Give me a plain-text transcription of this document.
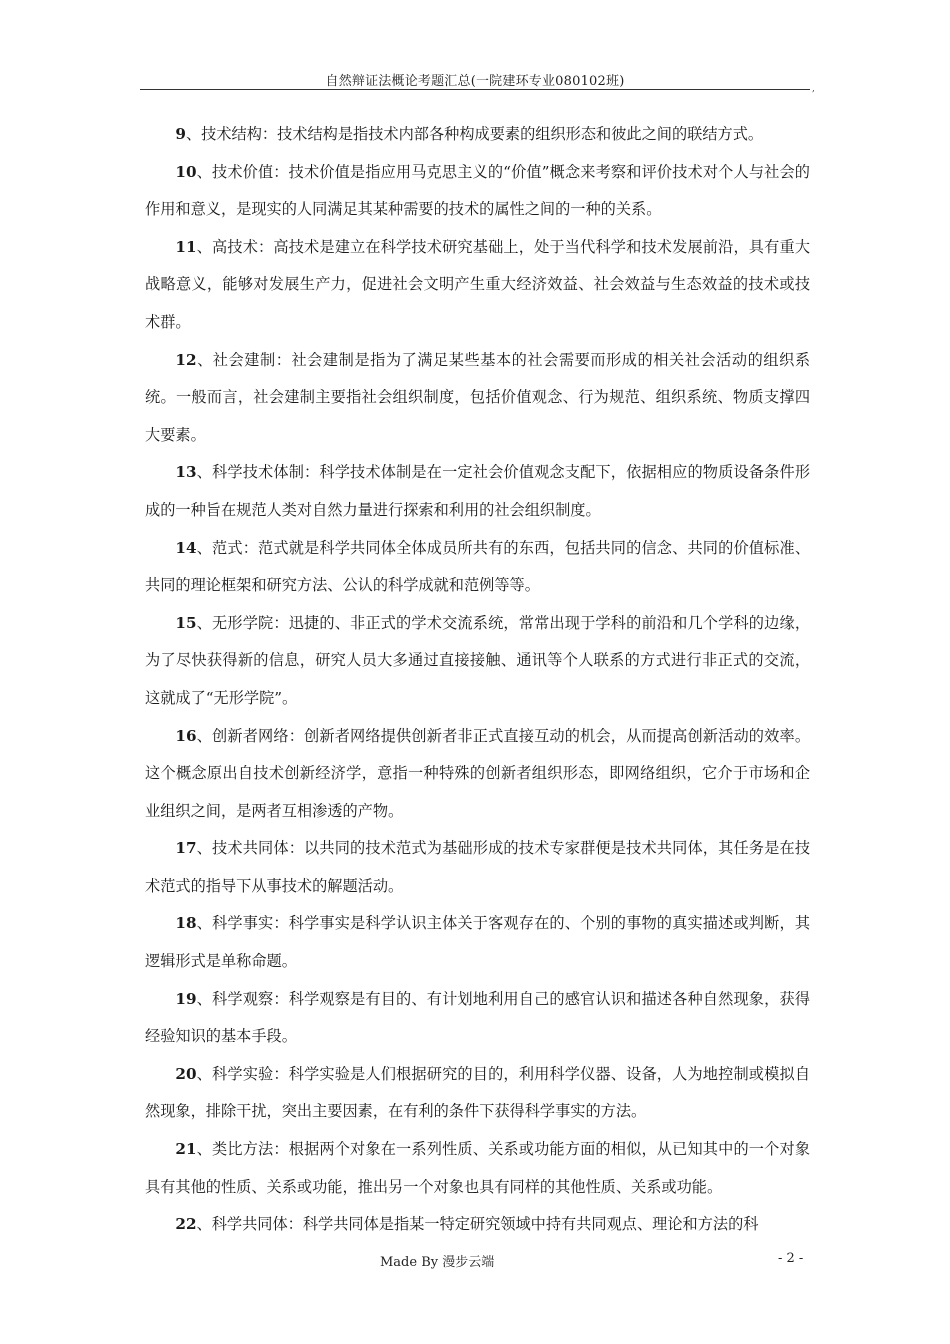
自然辩证法概论考题汇总(一院建环专业080102班)	,

9、技术结构：技术结构是指技术内部各种构成要素的组织形态和彼此之间的联结方式。

10、技术价值：技术价值是指应用马克思主义的“价值”概念来考察和评价技术对个人与社会的作用和意义，是现实的人同满足其某种需要的技术的属性之间的一种的关系。

11、高技术：高技术是建立在科学技术研究基础上，处于当代科学和技术发展前沿，具有重大战略意义，能够对发展生产力，促进社会文明产生重大经济效益、社会效益与生态效益的技术或技术群。

12、社会建制：社会建制是指为了满足某些基本的社会需要而形成的相关社会活动的组织系统。一般而言，社会建制主要指社会组织制度，包括价值观念、行为规范、组织系统、物质支撑四大要素。

13、科学技术体制：科学技术体制是在一定社会价值观念支配下，依据相应的物质设备条件形成的一种旨在规范人类对自然力量进行探索和利用的社会组织制度。

14、范式：范式就是科学共同体全体成员所共有的东西，包括共同的信念、共同的价值标准、共同的理论框架和研究方法、公认的科学成就和范例等等。

15、无形学院：迅捷的、非正式的学术交流系统，常常出现于学科的前沿和几个学科的边缘，为了尽快获得新的信息，研究人员大多通过直接接触、通讯等个人联系的方式进行非正式的交流，这就成了“无形学院”。

16、创新者网络：创新者网络提供创新者非正式直接互动的机会，从而提高创新活动的效率。这个概念原出自技术创新经济学，意指一种特殊的创新者组织形态，即网络组织，它介于市场和企业组织之间，是两者互相渗透的产物。

17、技术共同体：以共同的技术范式为基础形成的技术专家群便是技术共同体，其任务是在技术范式的指导下从事技术的解题活动。

18、科学事实：科学事实是科学认识主体关于客观存在的、个别的事物的真实描述或判断，其逻辑形式是单称命题。

19、科学观察：科学观察是有目的、有计划地利用自己的感官认识和描述各种自然现象，获得经验知识的基本手段。

20、科学实验：科学实验是人们根据研究的目的，利用科学仪器、设备，人为地控制或模拟自然现象，排除干扰，突出主要因素，在有利的条件下获得科学事实的方法。

21、类比方法：根据两个对象在一系列性质、关系或功能方面的相似，从已知其中的一个对象具有其他的性质、关系或功能，推出另一个对象也具有同样的其他性质、关系或功能。

22、科学共同体：科学共同体是指某一特定研究领域中持有共同观点、理论和方法的科

Made By 漫步云端	- 2 -
